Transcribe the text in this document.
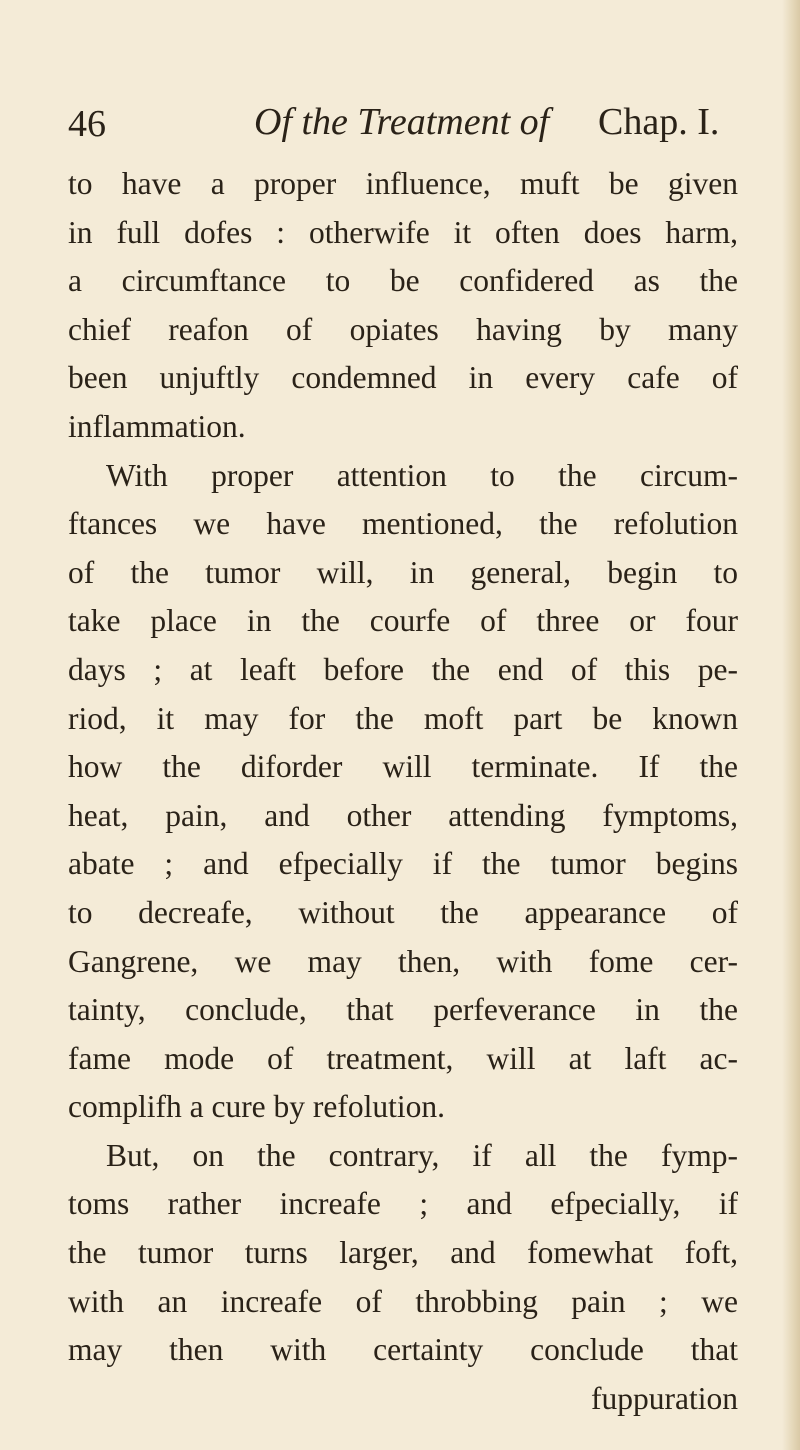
46	Of the Treatment of Chap. I.
to have a proper influence, muft be given
in full dofes : otherwife it often does harm,
a circumftance to be confidered as the
chief reafon of opiates having by many
been unjuftly condemned in every cafe of
inflammation.
With proper attention to the circum-
ftances we have mentioned, the refolution
of the tumor will, in general, begin to
take place in the courfe of three or four
days ; at leaft before the end of this pe-
riod, it may for the moft part be known
how the diforder will terminate. If the
heat, pain, and other attending fymptoms,
abate ; and efpecially if the tumor begins
to decreafe, without the appearance of
Gangrene, we may then, with fome cer-
tainty, conclude, that perfeverance in the
fame mode of treatment, will at laft ac-
complifh a cure by refolution.
But, on the contrary, if all the fymp-
toms rather increafe ; and efpecially, if
the tumor turns larger, and fomewhat foft,
with an increafe of throbbing pain ; we
may then with certainty conclude that
fuppuration
